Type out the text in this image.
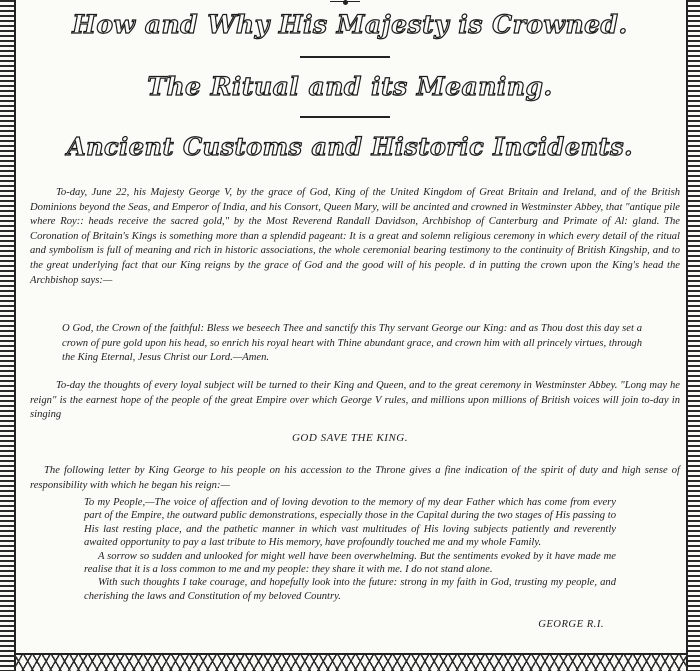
How and Why His Majesty is Crowned.
The Ritual and its Meaning.
Ancient Customs and Historic Incidents.

To-day, June 22, his Majesty George V, by the grace of God, King of the United Kingdom of Great Britain and Ireland, and of the British Dominions beyond the Seas, and Emperor of India, and his Consort, Queen Mary, will be ancinted and crowned in Westminster Abbey, that "antique pile where Roy:: heads receive the sacred gold," by the Most Reverend Randall Davidson, Archbishop of Canterburg and Primate of Al: gland. The Coronation of Britain's Kings is something more than a splendid pageant: It is a great and solemn religious ceremony in which every detail of the ritual and symbolism is full of meaning and rich in historic associations, the whole ceremonial bearing testimony to the continuity of British Kingship, and to the great underlying fact that our King reigns by the grace of God and the good will of his people. d in putting the crown upon the King's head the Archbishop says:—

O God, the Crown of the faithful: Bless we beseech Thee and sanctify this Thy servant George our King: and as Thou dost this day set a crown of pure gold upon his head, so enrich his royal heart with Thine abundant grace, and crown him with all princely virtues, through the King Eternal, Jesus Christ our Lord.—Amen.

To-day the thoughts of every loyal subject will be turned to their King and Queen, and to the great ceremony in Westminster Abbey. "Long may he reign" is the earnest hope of the people of the great Empire over which George V rules, and millions upon millions of British voices will join to-day in singing

GOD SAVE THE KING.

The following letter by King George to his people on his accession to the Throne gives a fine indication of the spirit of duty and high sense of responsibility with which he began his reign:—

To my People,—The voice of affection and of loving devotion to the memory of my dear Father which has come from every part of the Empire, the outward public demonstrations, especially those in the Capital during the two stages of His passing to His last resting place, and the pathetic manner in which vast multitudes of His loving subjects patiently and reverently awaited opportunity to pay a last tribute to His memory, have profoundly touched me and my whole Family.

A sorrow so sudden and unlooked for might well have been overwhelming. But the sentiments evoked by it have made me realise that it is a loss common to me and my people: they share it with me. I do not stand alone.

With such thoughts I take courage, and hopefully look into the future: strong in my faith in God, trusting my people, and cherishing the laws and Constitution of my beloved Country.

GEORGE R.I.
